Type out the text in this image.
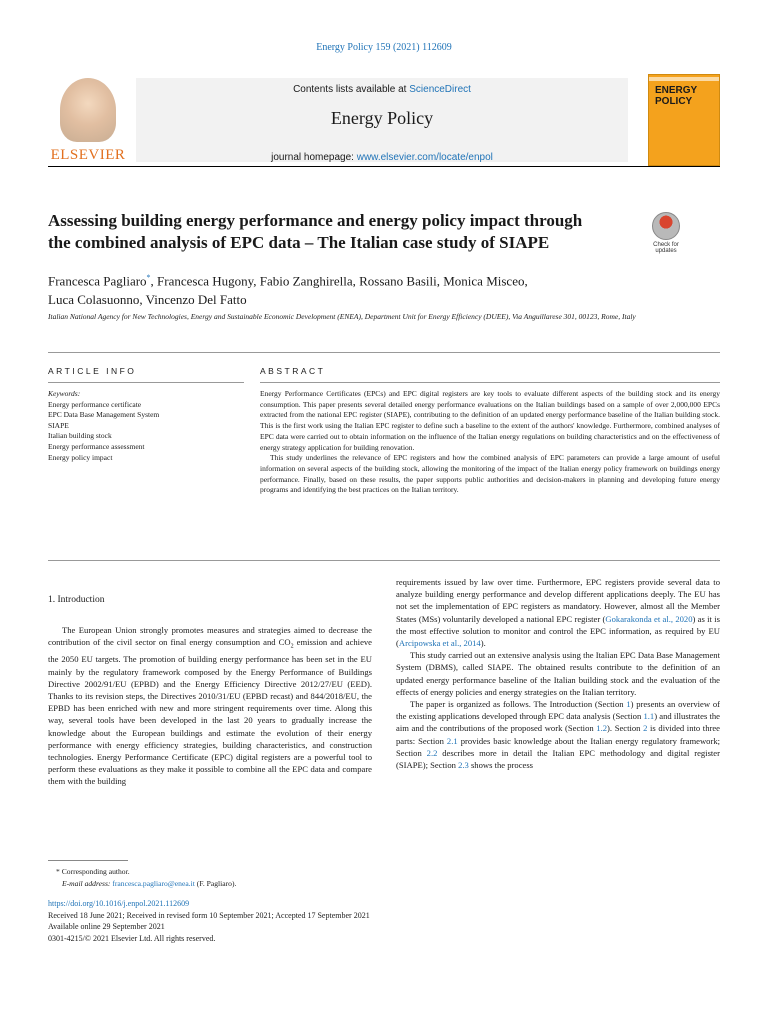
Energy Policy 159 (2021) 112609
ELSEVIER
Contents lists available at ScienceDirect
Energy Policy
journal homepage: www.elsevier.com/locate/enpol
ENERGY
POLICY
Assessing building energy performance and energy policy impact through the combined analysis of EPC data – The Italian case study of SIAPE	Check for
updates
Francesca Pagliaro*, Francesca Hugony, Fabio Zanghirella, Rossano Basili, Monica Misceo,
Luca Colasuonno, Vincenzo Del Fatto
Italian National Agency for New Technologies, Energy and Sustainable Economic Development (ENEA), Department Unit for Energy Efficiency (DUEE), Via Anguillarese 301, 00123, Rome, Italy
ARTICLE INFO	ABSTRACT
Keywords:
Energy performance certificate
EPC Data Base Management System
SIAPE
Italian building stock
Energy performance assessment
Energy policy impact

Energy Performance Certificates (EPCs) and EPC digital registers are key tools to evaluate different aspects of the building stock and its energy consumption. This paper presents several detailed energy performance evaluations on the Italian buildings based on a sample of over 2,000,000 EPCs extracted from the national EPC register (SIAPE), contributing to the definition of an updated energy performance baseline of the Italian building stock. This is the first work using the Italian EPC register to define such a baseline to the extent of the authors' knowledge. Furthermore, combined analyses of EPC data were carried out to obtain information on the influence of the Italian energy regulations on building characteristics and on the effectiveness of energy strategy application for building renovation.

This study underlines the relevance of EPC registers and how the combined analysis of EPC parameters can provide a large amount of useful information on several aspects of the building stock, allowing the monitoring of the impact of the Italian energy policy framework on buildings energy performance. Finally, based on these results, the paper supports public authorities and decision-makers in planning and developing future energy programs and identifying the best practices on the Italian territory.

1. Introduction

The European Union strongly promotes measures and strategies aimed to decrease the contribution of the civil sector on final energy consumption and $CO_2$ emission and achieve the 2050 EU targets. The promotion of building energy performance has been set in the EU mainly by the regulatory framework composed by the Energy Performance of Buildings Directive 2002/91/EU (EPBD) and the Energy Efficiency Directive 2012/27/EU (EED). Thanks to its revision steps, the Directives 2010/31/EU (EPBD recast) and 844/2018/EU, the EPBD has been enriched with new and more stringent requirements over time. Along this way, several tools have been developed in the last 20 years to gradually increase the knowledge about the European buildings and estimate the evolution of their energy performance with energy efficiency strategies, building characteristics, and construction technologies. Energy Performance Certificate (EPC) digital registers are a powerful tool to perform these evaluations as they make it possible to combine all the EPC data and compare them with the building

requirements issued by law over time. Furthermore, EPC registers provide several data to analyze building energy performance and develop different applications deeply. The EU has not set the implementation of EPC registers as mandatory. However, almost all the Member States (MSs) voluntarily developed a national EPC register (Gokarakonda et al., 2020) as it is the most effective solution to monitor and control the EPC information, as required by EU (Arcipowska et al., 2014).

This study carried out an extensive analysis using the Italian EPC Data Base Management System (DBMS), called SIAPE. The obtained results contribute to the definition of an updated energy performance baseline of the Italian building stock and the evaluation of the effects of energy policies and energy strategies on the Italian territory.

The paper is organized as follows. The Introduction (Section 1) presents an overview of the existing applications developed through EPC data analysis (Section 1.1) and illustrates the aim and the contributions of the proposed work (Section 1.2). Section 2 is divided into three parts: Section 2.1 provides basic knowledge about the Italian energy regulatory framework; Section 2.2 describes more in detail the Italian EPC methodology and digital register (SIAPE); Section 2.3 shows the process

* Corresponding author.
E-mail address: francesca.pagliaro@enea.it (F. Pagliaro).
https://doi.org/10.1016/j.enpol.2021.112609
Received 18 June 2021; Received in revised form 10 September 2021; Accepted 17 September 2021
Available online 29 September 2021
0301-4215/© 2021 Elsevier Ltd. All rights reserved.
